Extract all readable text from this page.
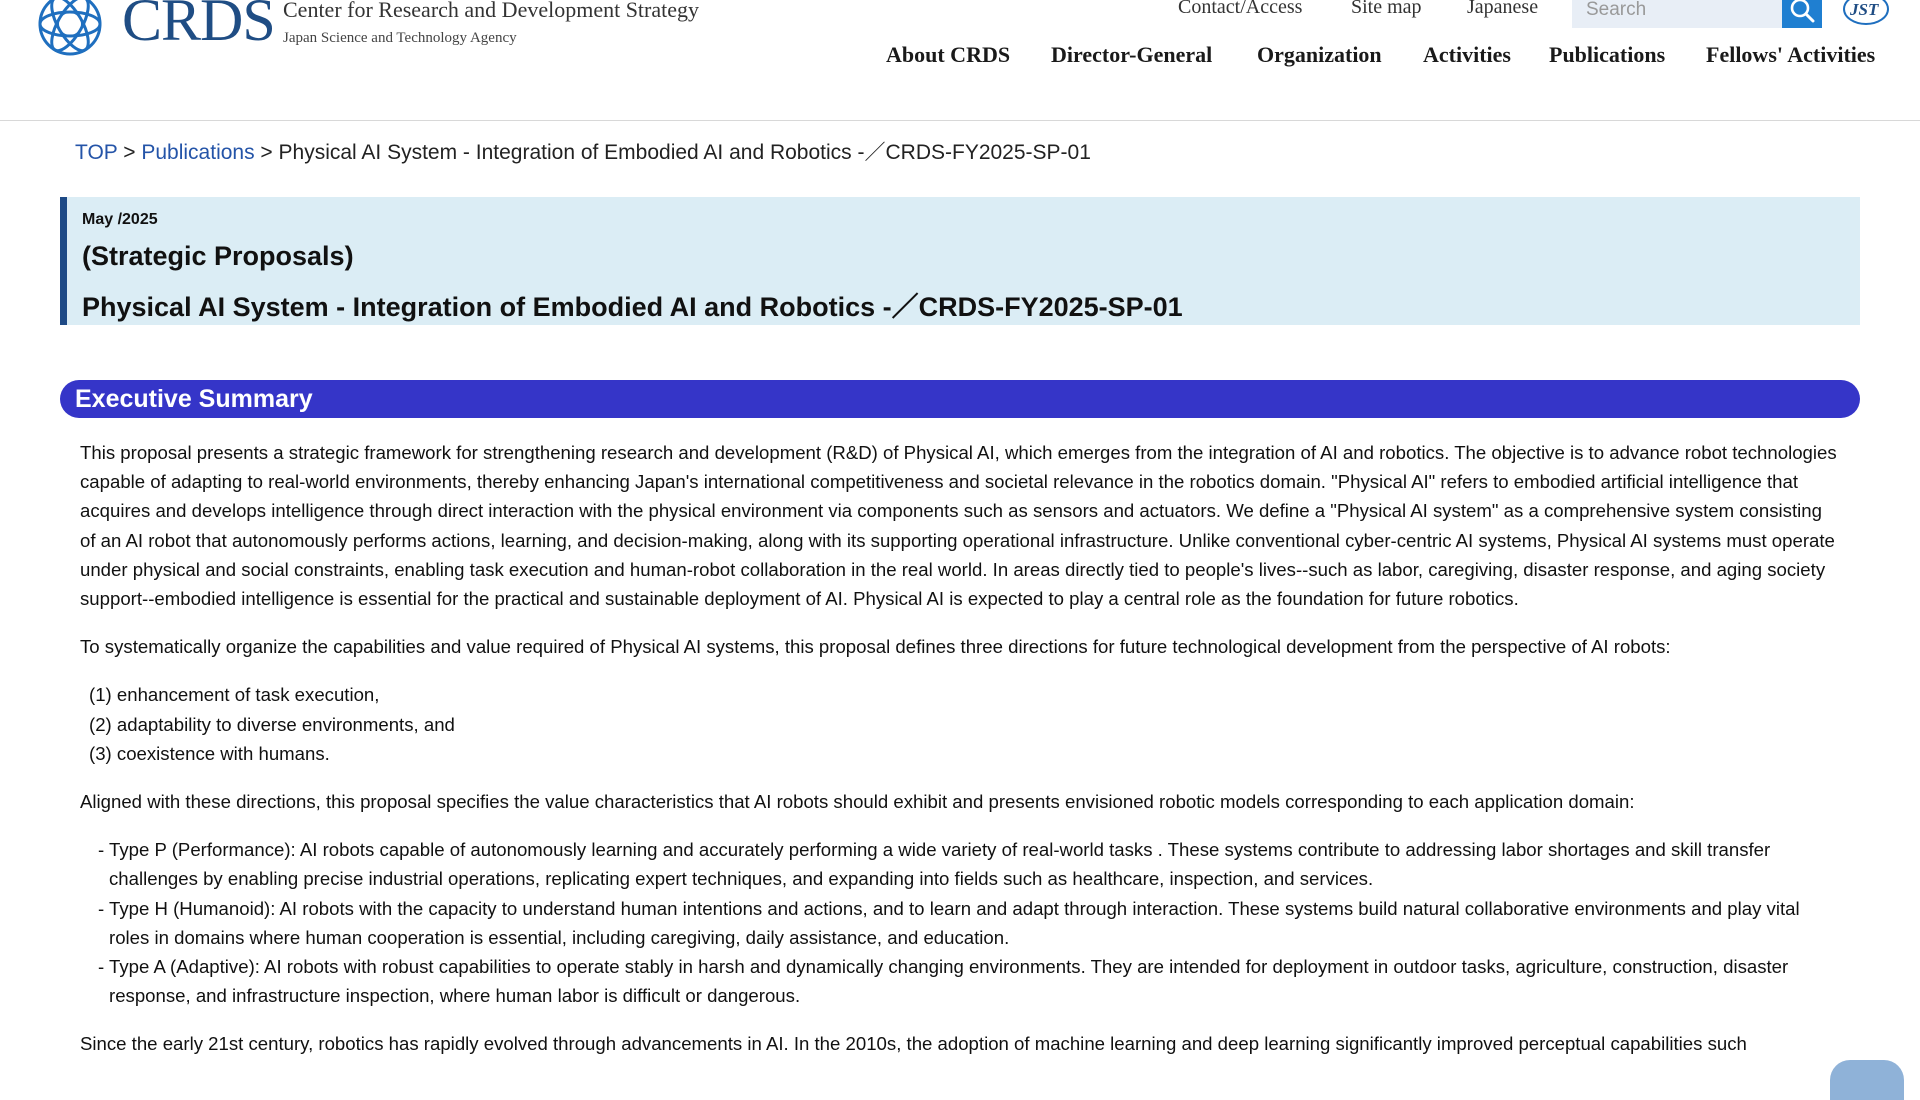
CRDS Center for Research and Development Strategy
Japan Science and Technology Agency
Contact/Access Site map Japanese
Search	JST
About CRDS Director-General Organization Activities Publications Fellows' Activities
TOP > Publications > Physical AI System - Integration of Embodied AI and Robotics -／CRDS-FY2025-SP-01
May /2025
(Strategic Proposals)
Physical AI System - Integration of Embodied AI and Robotics -／CRDS-FY2025-SP-01
Executive Summary

This proposal presents a strategic framework for strengthening research and development (R&D) of Physical AI, which emerges from the integration of AI and robotics. The objective is to advance robot technologies capable of adapting to real-world environments, thereby enhancing Japan's international competitiveness and societal relevance in the robotics domain. "Physical AI" refers to embodied artificial intelligence that acquires and develops intelligence through direct interaction with the physical environment via components such as sensors and actuators. We define a "Physical AI system" as a comprehensive system consisting of an AI robot that autonomously performs actions, learning, and decision-making, along with its supporting operational infrastructure. Unlike conventional cyber-centric AI systems, Physical AI systems must operate under physical and social constraints, enabling task execution and human-robot collaboration in the real world. In areas directly tied to people's lives--such as labor, caregiving, disaster response, and aging society support--embodied intelligence is essential for the practical and sustainable deployment of AI. Physical AI is expected to play a central role as the foundation for future robotics.

To systematically organize the capabilities and value required of Physical AI systems, this proposal defines three directions for future technological development from the perspective of AI robots:

(1) enhancement of task execution,
(2) adaptability to diverse environments, and
(3) coexistence with humans.

Aligned with these directions, this proposal specifies the value characteristics that AI robots should exhibit and presents envisioned robotic models corresponding to each application domain:

- Type P (Performance): AI robots capable of autonomously learning and accurately performing a wide variety of real-world tasks . These systems contribute to addressing labor shortages and skill transfer challenges by enabling precise industrial operations, replicating expert techniques, and expanding into fields such as healthcare, inspection, and services.
- Type H (Humanoid): AI robots with the capacity to understand human intentions and actions, and to learn and adapt through interaction. These systems build natural collaborative environments and play vital roles in domains where human cooperation is essential, including caregiving, daily assistance, and education.
- Type A (Adaptive): AI robots with robust capabilities to operate stably in harsh and dynamically changing environments. They are intended for deployment in outdoor tasks, agriculture, construction, disaster response, and infrastructure inspection, where human labor is difficult or dangerous.

Since the early 21st century, robotics has rapidly evolved through advancements in AI. In the 2010s, the adoption of machine learning and deep learning significantly improved perceptual capabilities such
